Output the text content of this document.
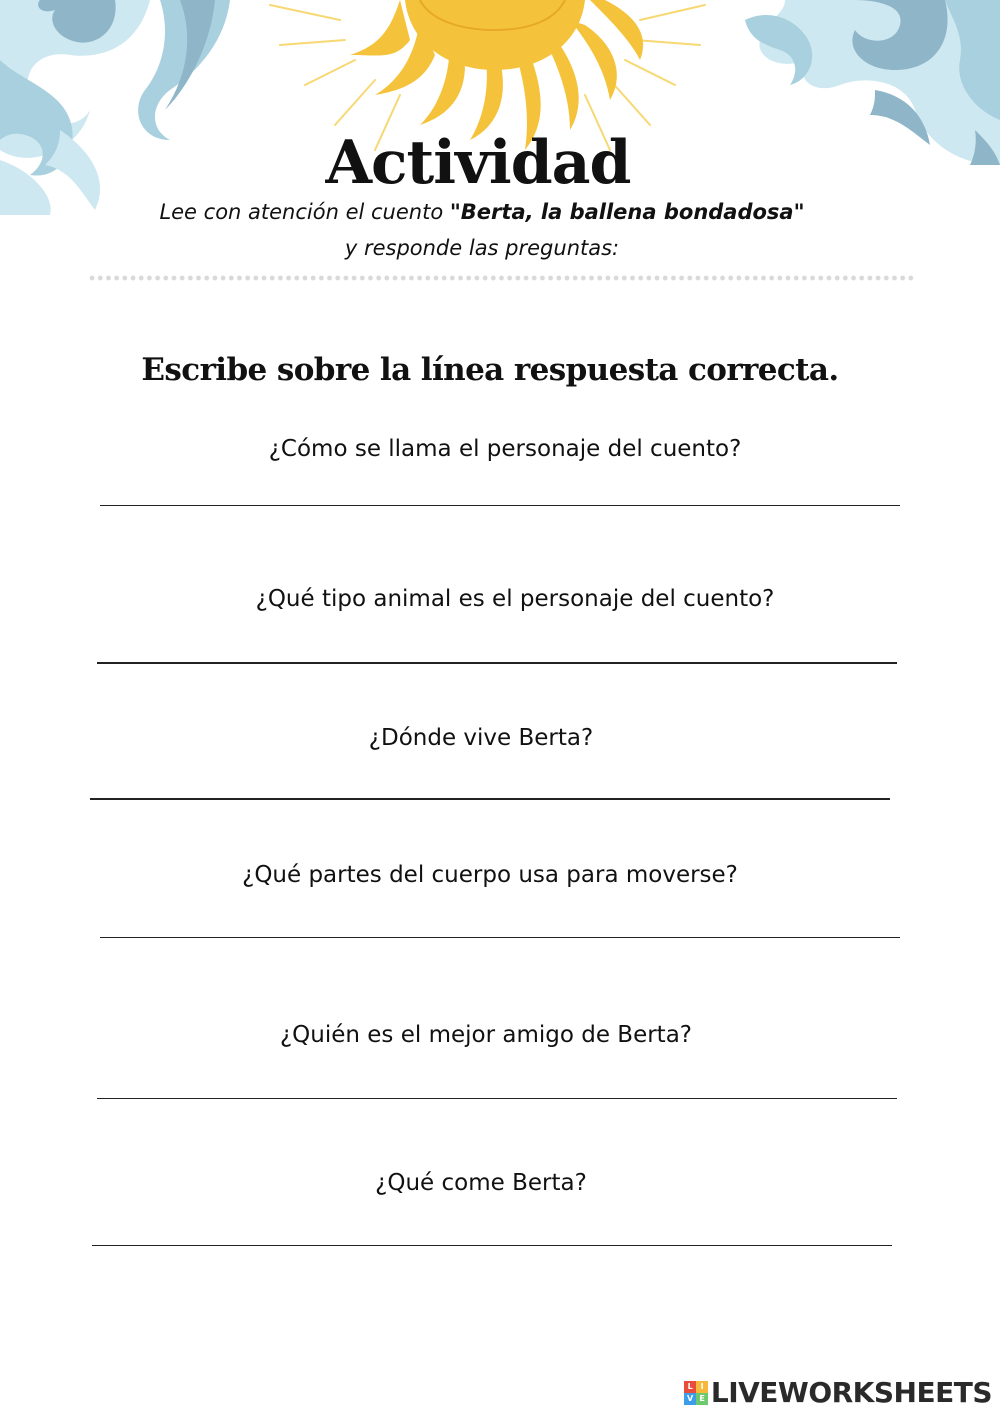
Actividad
Lee con atención el cuento "Berta, la ballena bondadosa"
y responde las preguntas:
Escribe sobre la línea respuesta correcta.
¿Cómo se llama el personaje del cuento?
¿Qué tipo animal es el personaje del cuento?
¿Dónde vive Berta?
¿Qué partes del cuerpo usa para moverse?
¿Quién es el mejor amigo de Berta?
¿Qué come Berta?
L	I
V E LIVEWORKSHEETS
